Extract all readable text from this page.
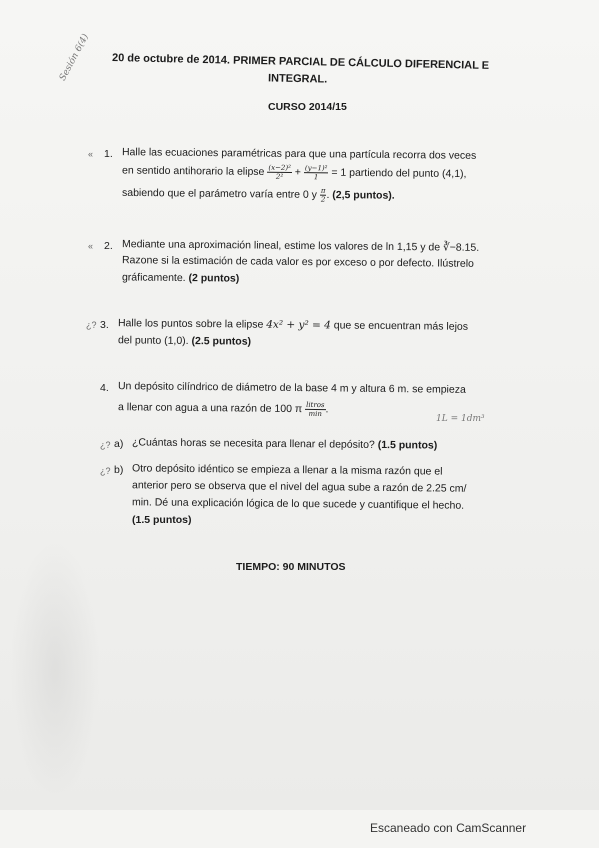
Sesión 6(4) 20 de octubre de 2014. PRIMER PARCIAL DE CÁLCULO DIFERENCIAL E
INTEGRAL.
CURSO 2014/15
« 1. Halle las ecuaciones paramétricas para que una partícula recorra dos veces
en sentido antihorario la elipse $\frac{\text{(x−2)²}}{\text{2²}} + \frac{\text{(y−1)²}}{1} = 1$ partiendo del punto (4,1),
sabiendo que el parámetro varía entre 0 y $\frac{\pi}{2}$ . (2,5 puntos).
« 2. Mediante una aproximación lineal, estime los valores de ln 1,15 y de ∛−8.15.
Razone si la estimación de cada valor es por exceso o por defecto. Ilústrelo
gráficamente. (2 puntos)
¿? 3. Halle los puntos sobre la elipse 4x² + y² = 4 que se encuentran más lejos
del punto (1,0). (2.5 puntos)
4. Un depósito cilíndrico de diámetro de la base 4 m y altura 6 m. se empieza
a llenar con agua a una razón de 100 π $\frac{\text{litros}}{\min}$ .
1L = 1dm³
¿? a) ¿Cuántas horas se necesita para llenar el depósito? (1.5 puntos)
¿? b) Otro depósito idéntico se empieza a llenar a la misma razón que el
anterior pero se observa que el nivel del agua sube a razón de 2.25 cm/
min. Dé una explicación lógica de lo que sucede y cuantifique el hecho.
(1.5 puntos)
TIEMPO: 90 MINUTOS
Escaneado con CamScanner
